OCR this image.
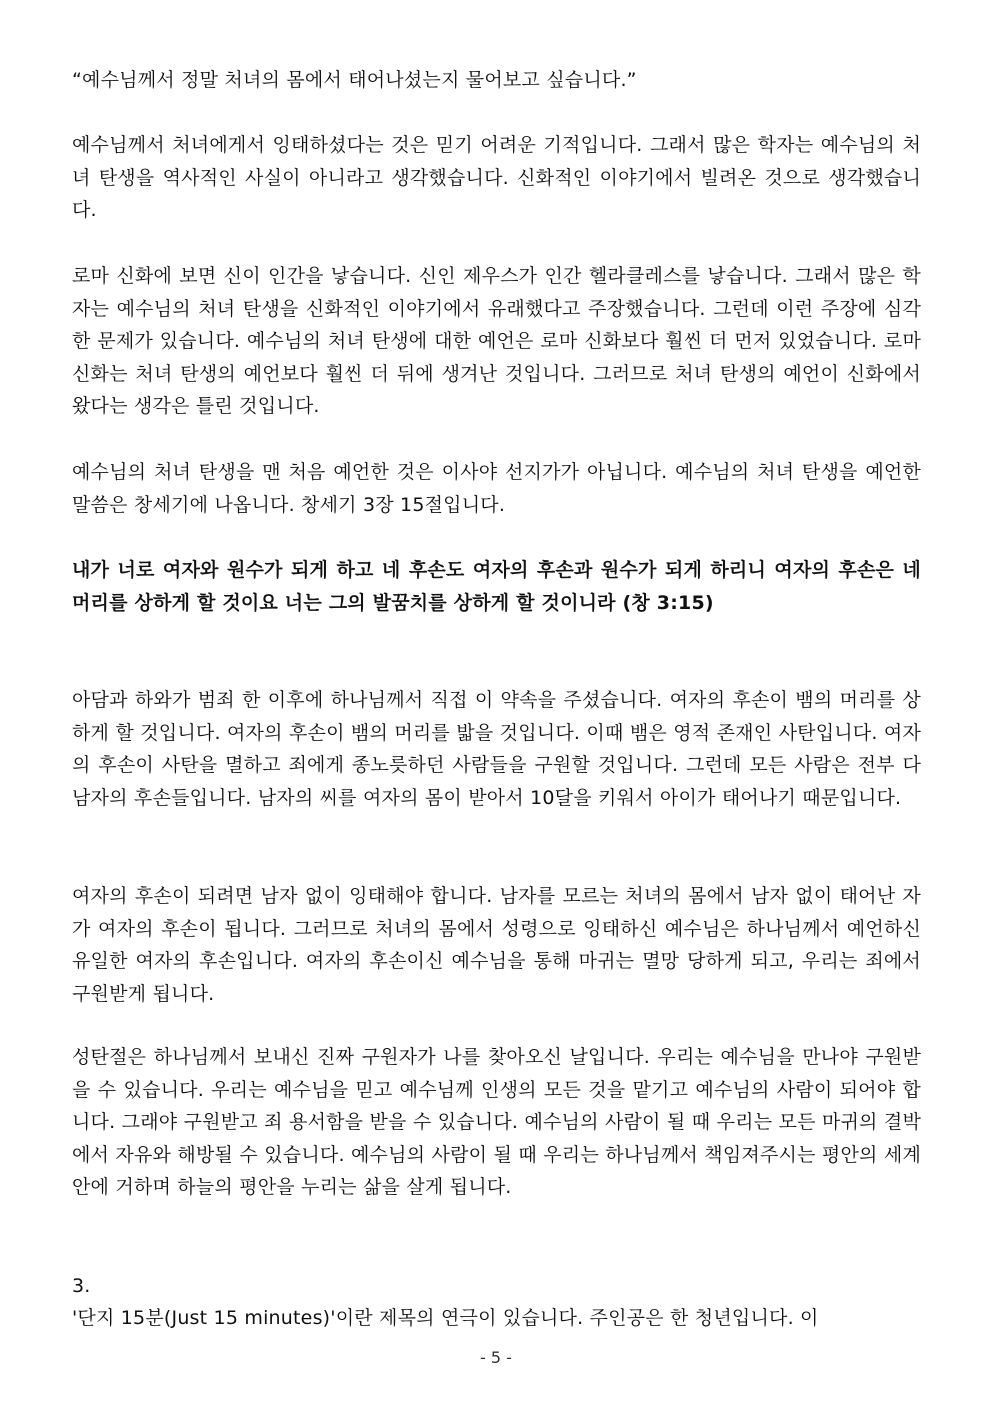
“예수님께서 정말 처녀의 몸에서 태어나셨는지 물어보고 싶습니다.”

예수님께서 처녀에게서 잉태하셨다는 것은 믿기 어려운 기적입니다. 그래서 많은 학자는 예수님의 처녀 탄생을 역사적인 사실이 아니라고 생각했습니다. 신화적인 이야기에서 빌려온 것으로 생각했습니다.

로마 신화에 보면 신이 인간을 낳습니다. 신인 제우스가 인간 헬라클레스를 낳습니다. 그래서 많은 학자는 예수님의 처녀 탄생을 신화적인 이야기에서 유래했다고 주장했습니다. 그런데 이런 주장에 심각한 문제가 있습니다. 예수님의 처녀 탄생에 대한 예언은 로마 신화보다 훨씬 더 먼저 있었습니다. 로마 신화는 처녀 탄생의 예언보다 훨씬 더 뒤에 생겨난 것입니다. 그러므로 처녀 탄생의 예언이 신화에서 왔다는 생각은 틀린 것입니다.

예수님의 처녀 탄생을 맨 처음 예언한 것은 이사야 선지가가 아닙니다. 예수님의 처녀 탄생을 예언한 말씀은 창세기에 나옵니다. 창세기 3장 15절입니다.

내가 너로 여자와 원수가 되게 하고 네 후손도 여자의 후손과 원수가 되게 하리니 여자의 후손은 네 머리를 상하게 할 것이요 너는 그의 발꿈치를 상하게 할 것이니라 (창 3:15)

아담과 하와가 범죄 한 이후에 하나님께서 직접 이 약속을 주셨습니다. 여자의 후손이 뱀의 머리를 상하게 할 것입니다. 여자의 후손이 뱀의 머리를 밟을 것입니다. 이때 뱀은 영적 존재인 사탄입니다. 여자의 후손이 사탄을 멸하고 죄에게 종노릇하던 사람들을 구원할 것입니다. 그런데 모든 사람은 전부 다 남자의 후손들입니다. 남자의 씨를 여자의 몸이 받아서 10달을 키워서 아이가 태어나기 때문입니다.

여자의 후손이 되려면 남자 없이 잉태해야 합니다. 남자를 모르는 처녀의 몸에서 남자 없이 태어난 자가 여자의 후손이 됩니다. 그러므로 처녀의 몸에서 성령으로 잉태하신 예수님은 하나님께서 예언하신 유일한 여자의 후손입니다. 여자의 후손이신 예수님을 통해 마귀는 멸망 당하게 되고, 우리는 죄에서 구원받게 됩니다.

성탄절은 하나님께서 보내신 진짜 구원자가 나를 찾아오신 날입니다. 우리는 예수님을 만나야 구원받을 수 있습니다. 우리는 예수님을 믿고 예수님께 인생의 모든 것을 맡기고 예수님의 사람이 되어야 합니다. 그래야 구원받고 죄 용서함을 받을 수 있습니다. 예수님의 사람이 될 때 우리는 모든 마귀의 결박에서 자유와 해방될 수 있습니다. 예수님의 사람이 될 때 우리는 하나님께서 책임져주시는 평안의 세계 안에 거하며 하늘의 평안을 누리는 삶을 살게 됩니다.

3.

'단지 15분(Just 15 minutes)'이란 제목의 연극이 있습니다. 주인공은 한 청년입니다. 이

- 5 -
